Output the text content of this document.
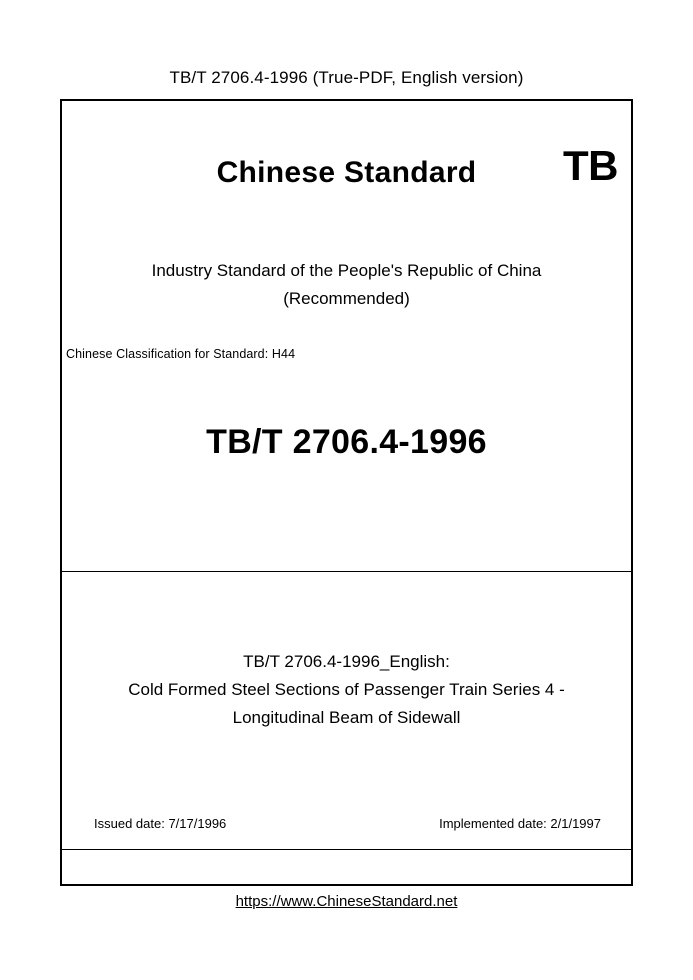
TB/T 2706.4-1996 (True-PDF, English version)
Chinese Standard	TB
Industry Standard of the People's Republic of China
(Recommended)
Chinese Classification for Standard: H44
TB/T 2706.4-1996
TB/T 2706.4-1996_English:
Cold Formed Steel Sections of Passenger Train Series 4 -
Longitudinal Beam of Sidewall
Issued date: 7/17/1996	Implemented date: 2/1/1997
https://www.ChineseStandard.net
